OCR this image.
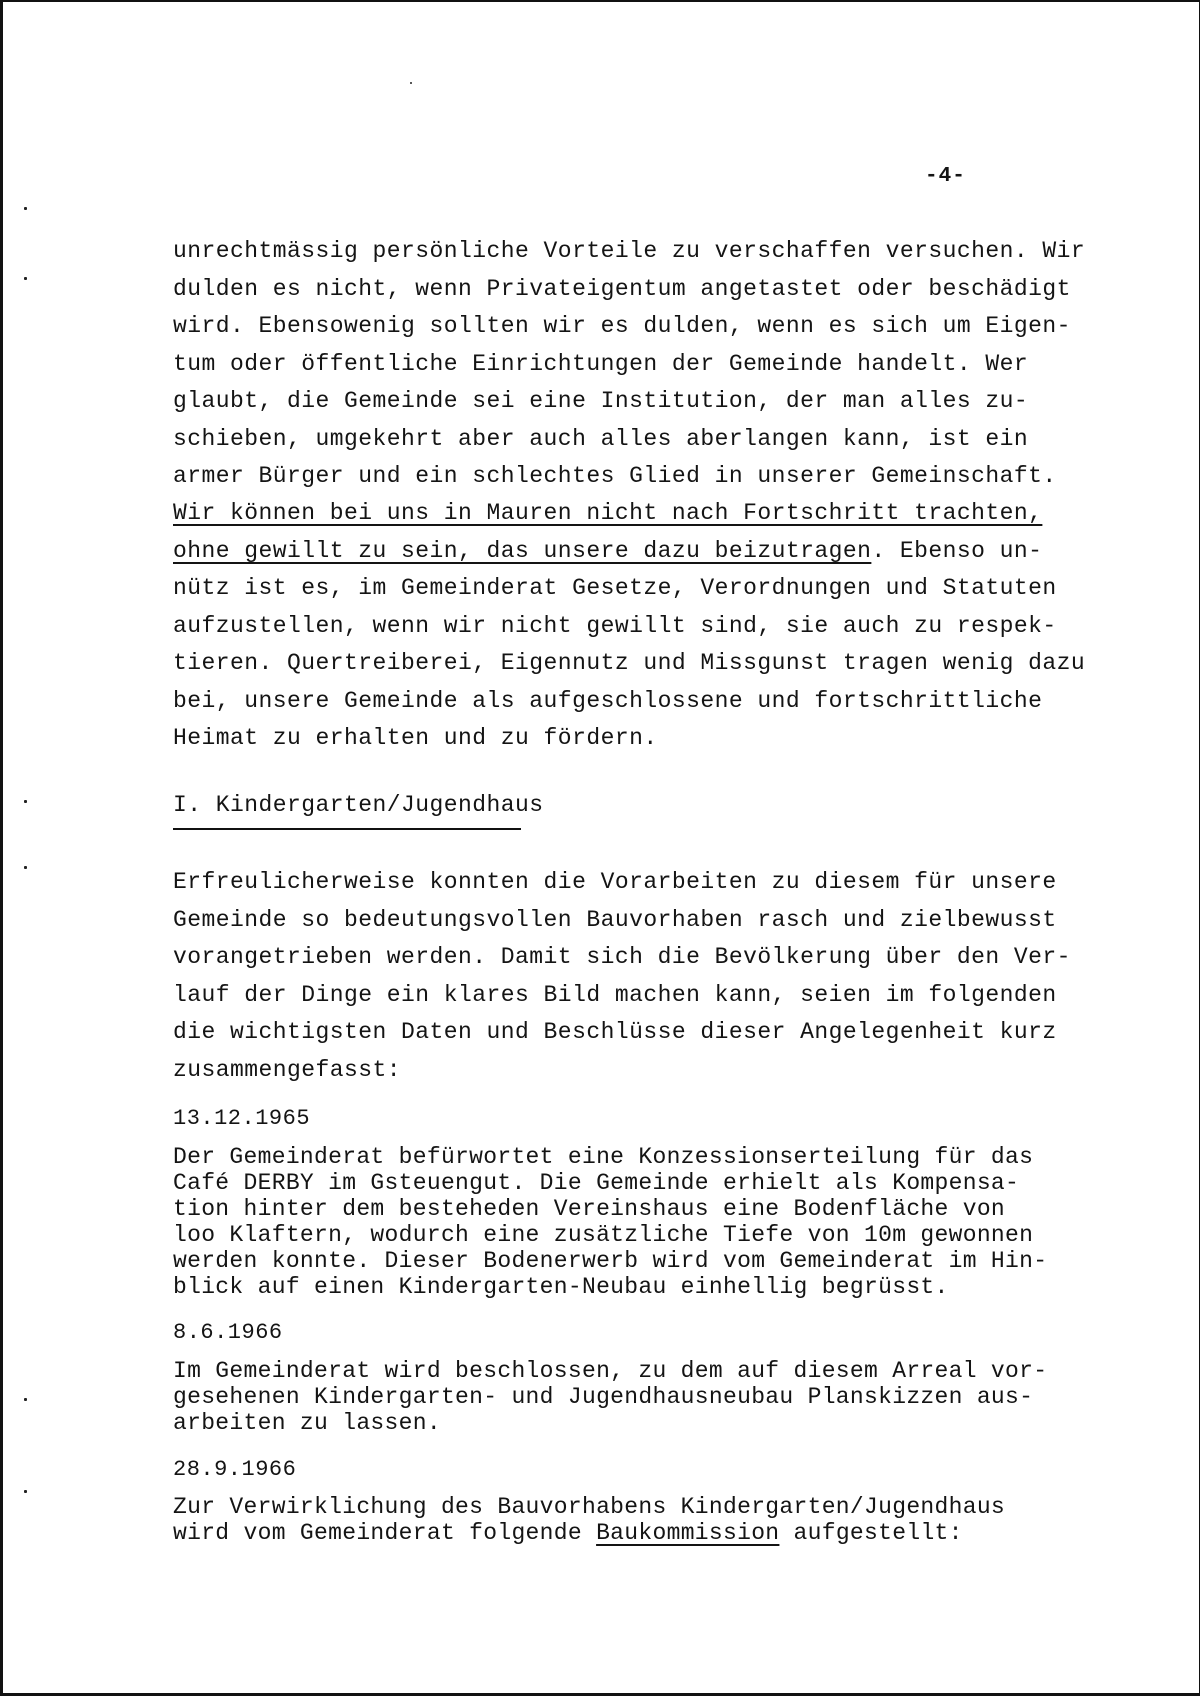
-4-
unrechtmässig persönliche Vorteile zu verschaffen versuchen. Wir
dulden es nicht, wenn Privateigentum angetastet oder beschädigt
wird. Ebensowenig sollten wir es dulden, wenn es sich um Eigen-
tum oder öffentliche Einrichtungen der Gemeinde handelt. Wer
glaubt, die Gemeinde sei eine Institution, der man alles zu-
schieben, umgekehrt aber auch alles aberlangen kann, ist ein
armer Bürger und ein schlechtes Glied in unserer Gemeinschaft.
Wir können bei uns in Mauren nicht nach Fortschritt trachten,
ohne gewillt zu sein, das unsere dazu beizutragen. Ebenso un-
nütz ist es, im Gemeinderat Gesetze, Verordnungen und Statuten
aufzustellen, wenn wir nicht gewillt sind, sie auch zu respek-
tieren. Quertreiberei, Eigennutz und Missgunst tragen wenig dazu
bei, unsere Gemeinde als aufgeschlossene und fortschrittliche
Heimat zu erhalten und zu fördern.
I. Kindergarten/Jugendhaus
Erfreulicherweise konnten die Vorarbeiten zu diesem für unsere
Gemeinde so bedeutungsvollen Bauvorhaben rasch und zielbewusst
vorangetrieben werden. Damit sich die Bevölkerung über den Ver-
lauf der Dinge ein klares Bild machen kann, seien im folgenden
die wichtigsten Daten und Beschlüsse dieser Angelegenheit kurz
zusammengefasst:
13.12.1965
Der Gemeinderat befürwortet eine Konzessionserteilung für das
Café DERBY im Gsteuengut. Die Gemeinde erhielt als Kompensa-
tion hinter dem besteheden Vereinshaus eine Bodenfläche von
loo Klaftern, wodurch eine zusätzliche Tiefe von 10m gewonnen
werden konnte. Dieser Bodenerwerb wird vom Gemeinderat im Hin-
blick auf einen Kindergarten-Neubau einhellig begrüsst.
8.6.1966
Im Gemeinderat wird beschlossen, zu dem auf diesem Arreal vor-
gesehenen Kindergarten- und Jugendhausneubau Planskizzen aus-
arbeiten zu lassen.
28.9.1966
Zur Verwirklichung des Bauvorhabens Kindergarten/Jugendhaus
wird vom Gemeinderat folgende Baukommission aufgestellt:
